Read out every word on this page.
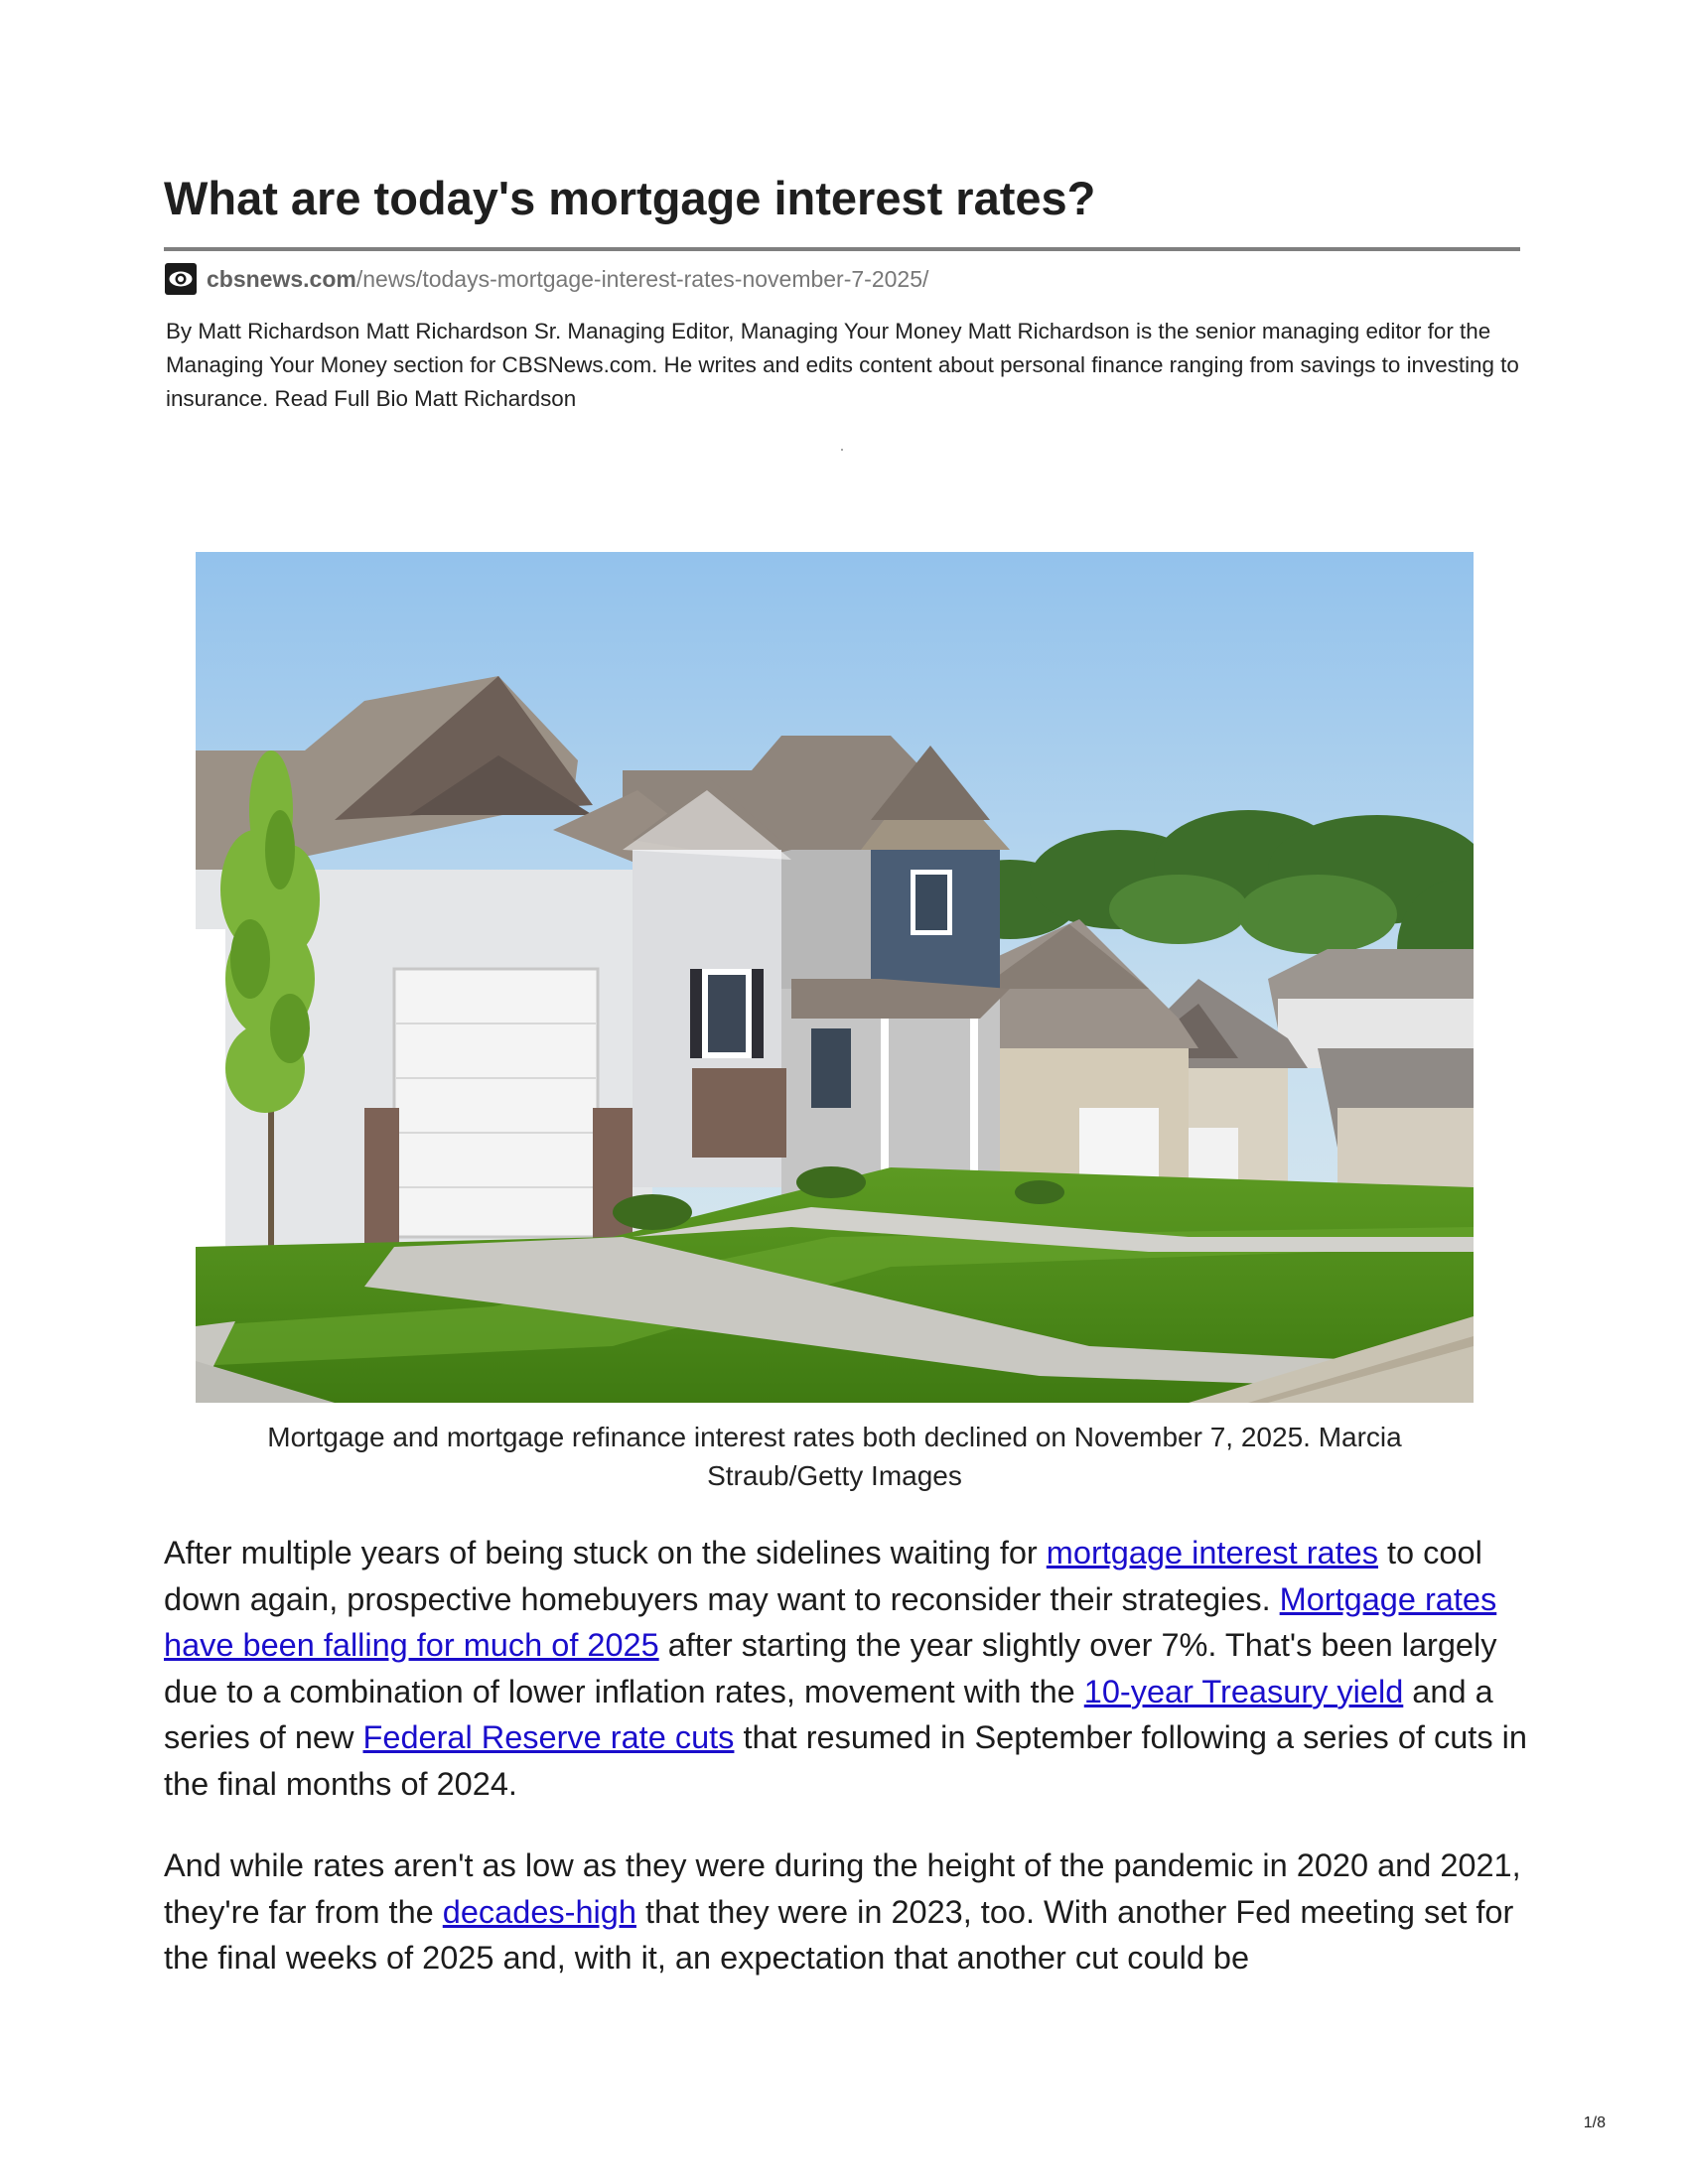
What are today's mortgage interest rates?
cbsnews.com /news/todays-mortgage-interest-rates-november-7-2025/

By Matt Richardson Matt Richardson Sr. Managing Editor, Managing Your Money Matt Richardson is the senior managing editor for the Managing Your Money section for CBSNews.com. He writes and edits content about personal finance ranging from savings to investing to insurance. Read Full Bio Matt Richardson

Mortgage and mortgage refinance interest rates both declined on November 7, 2025. Marcia Straub/Getty Images

After multiple years of being stuck on the sidelines waiting for mortgage interest rates to cool down again, prospective homebuyers may want to reconsider their strategies. Mortgage rates have been falling for much of 2025 after starting the year slightly over 7%. That's been largely due to a combination of lower inflation rates, movement with the 10-year Treasury yield and a series of new Federal Reserve rate cuts that resumed in September following a series of cuts in the final months of 2024.

And while rates aren't as low as they were during the height of the pandemic in 2020 and 2021, they're far from the decades-high that they were in 2023, too. With another Fed meeting set for the final weeks of 2025 and, with it, an expectation that another cut could be

1/8
